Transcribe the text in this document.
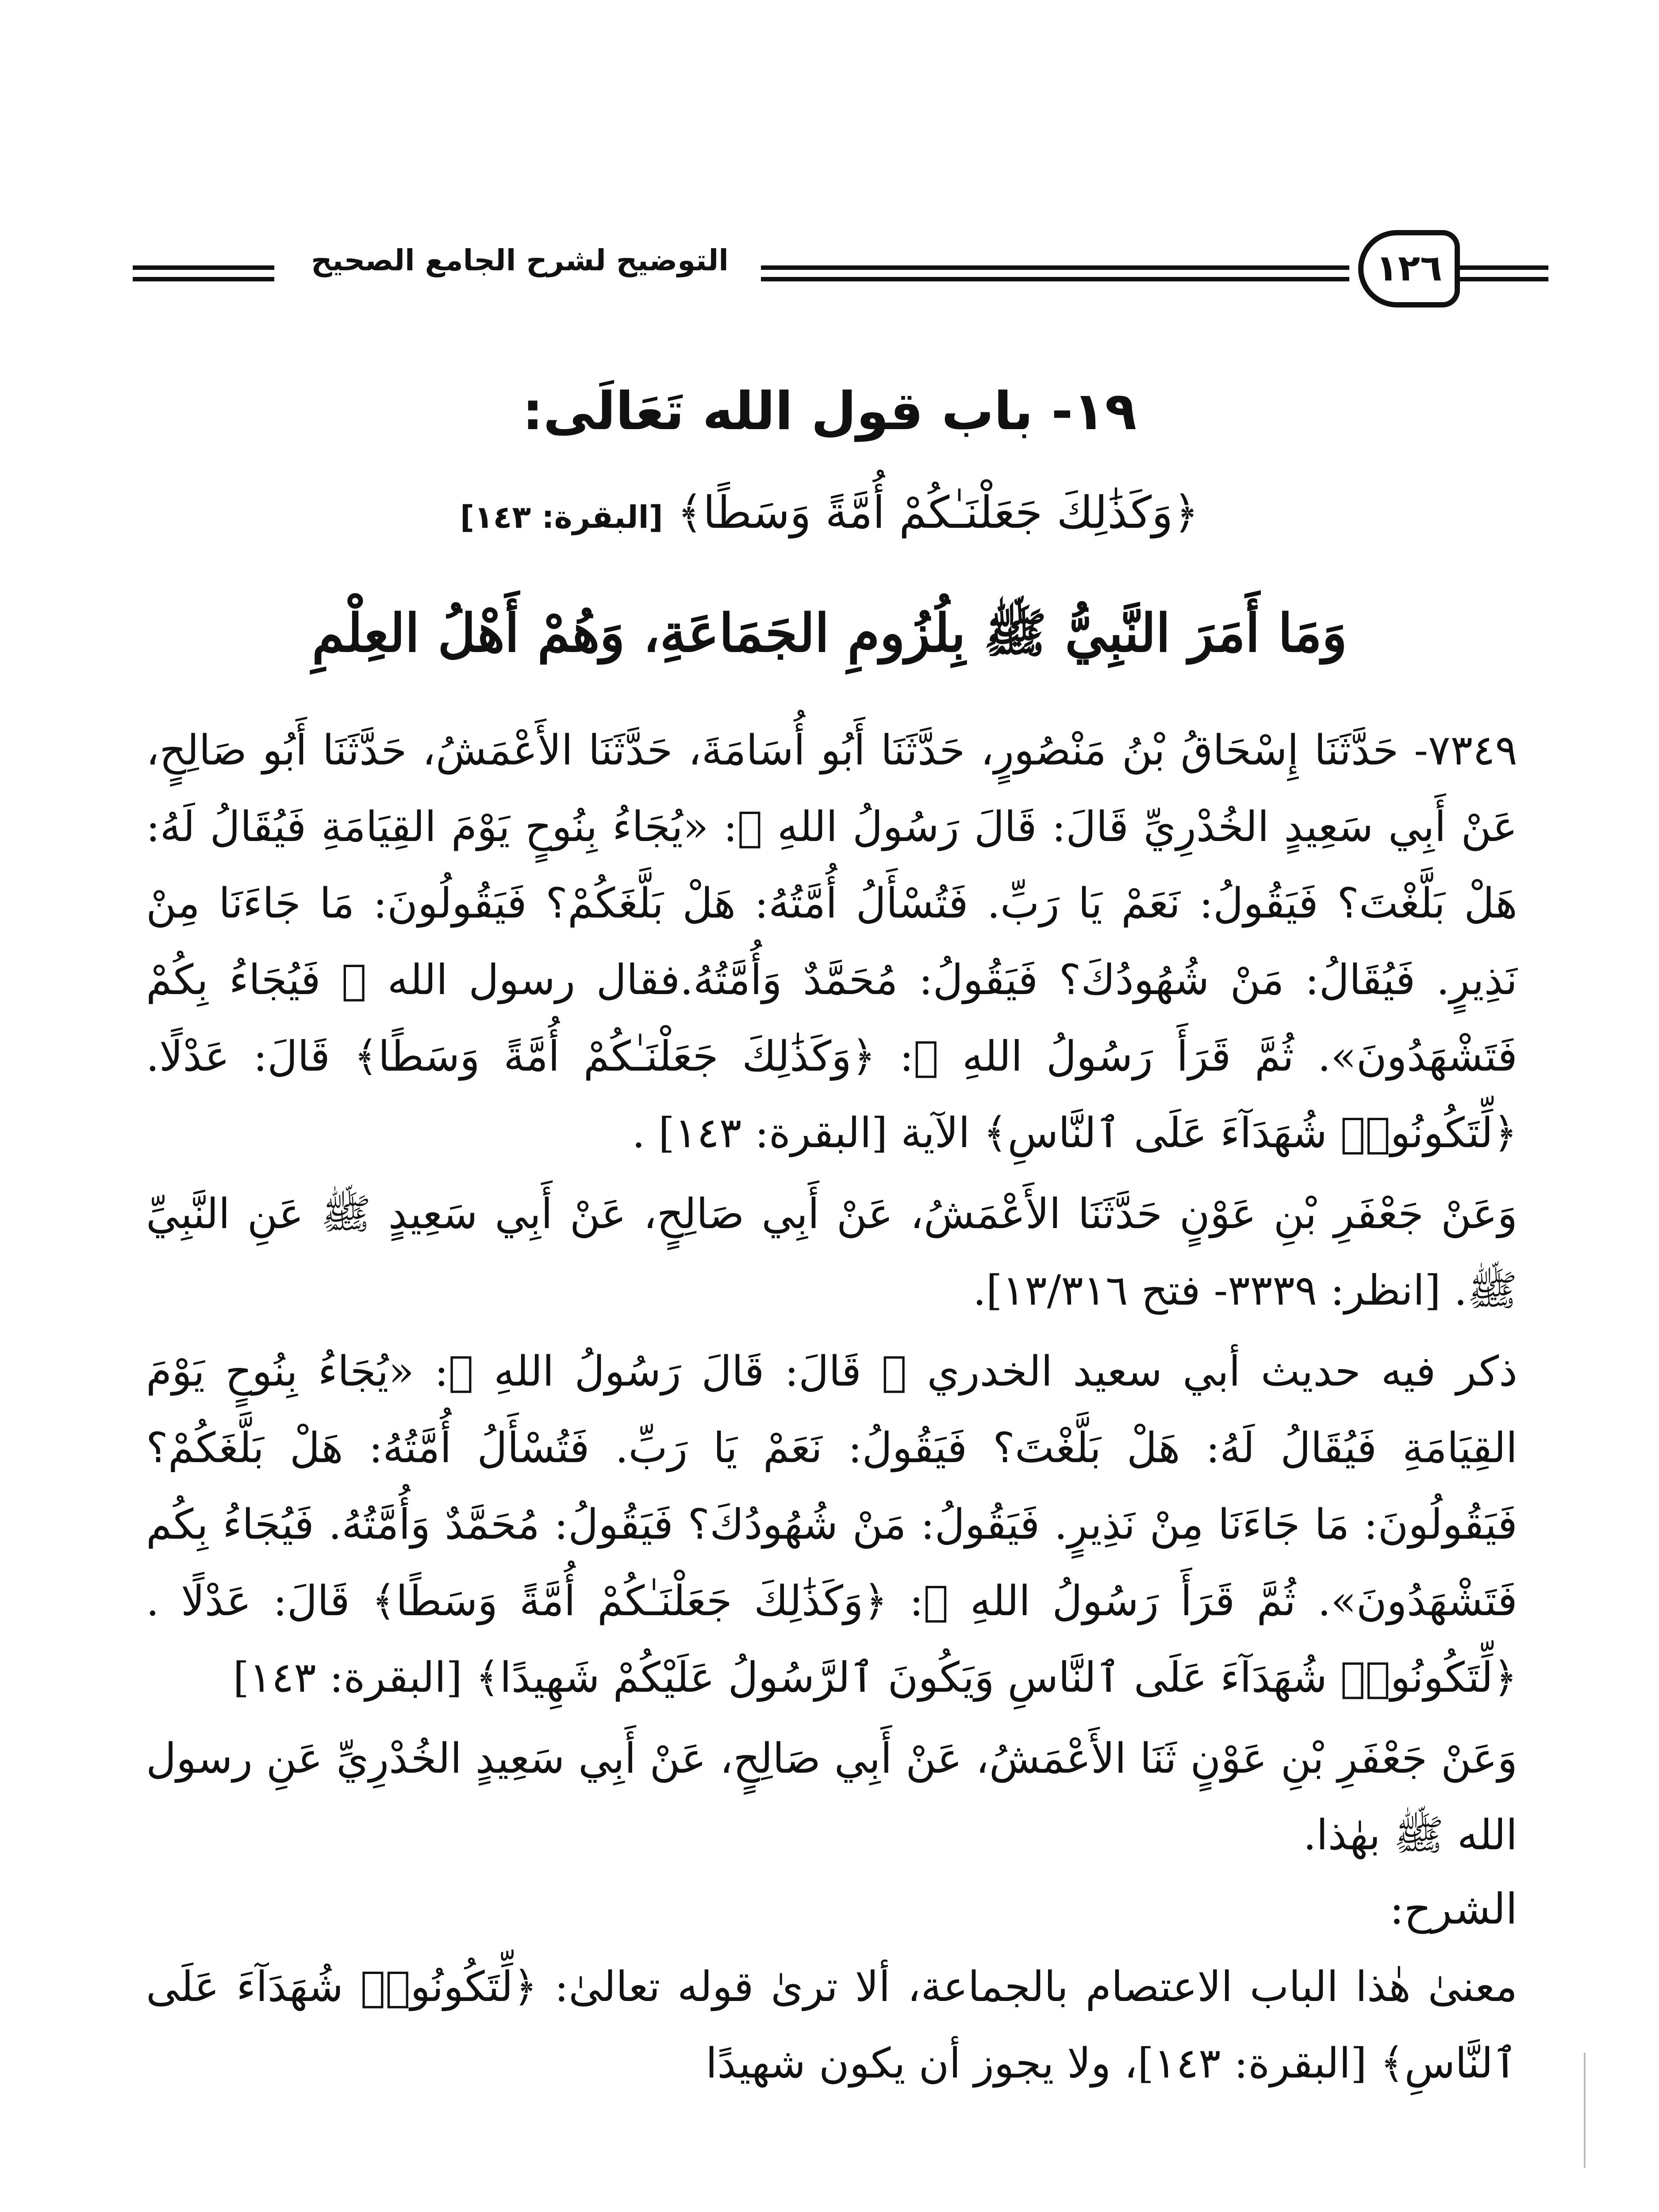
التوضيح لشرح الجامع الصحيح	١٢٦
١٩- باب قول الله تَعَالَى:
﴿وَكَذَٰلِكَ جَعَلْنَـٰكُمْ أُمَّةً وَسَطًا﴾ [البقرة: ١٤٣]
وَمَا أَمَرَ النَّبِيُّ ﷺ بِلُزُومِ الجَمَاعَةِ، وَهُمْ أَهْلُ العِلْمِ

٧٣٤٩- حَدَّثَنَا إِسْحَاقُ بْنُ مَنْصُورٍ، حَدَّثَنَا أَبُو أُسَامَةَ، حَدَّثَنَا الأَعْمَشُ، حَدَّثَنَا أَبُو صَالِحٍ، عَنْ أَبِي سَعِيدٍ الخُدْرِيِّ قَالَ: قَالَ رَسُولُ اللهِ ﷺ: «يُجَاءُ بِنُوحٍ يَوْمَ القِيَامَةِ فَيُقَالُ لَهُ: هَلْ بَلَّغْتَ؟ فَيَقُولُ: نَعَمْ يَا رَبِّ. فَتُسْأَلُ أُمَّتُهُ: هَلْ بَلَّغَكُمْ؟ فَيَقُولُونَ: مَا جَاءَنَا مِنْ نَذِيرٍ. فَيُقَالُ: مَنْ شُهُودُكَ؟ فَيَقُولُ: مُحَمَّدٌ وَأُمَّتُهُ.فقال رسول الله ﷺ فَيُجَاءُ بِكُمْ فَتَشْهَدُونَ». ثُمَّ قَرَأَ رَسُولُ اللهِ ﷺ: ﴿وَكَذَٰلِكَ جَعَلْنَـٰكُمْ أُمَّةً وَسَطًا﴾ قَالَ: عَدْلًا. ﴿لِّتَكُونُوا۟ شُهَدَآءَ عَلَى ٱلنَّاسِ﴾ الآية [البقرة: ١٤٣] .

وَعَنْ جَعْفَرِ بْنِ عَوْنٍ حَدَّثَنَا الأَعْمَشُ، عَنْ أَبِي صَالِحٍ، عَنْ أَبِي سَعِيدٍ ﷺ عَنِ النَّبِيِّ ﷺ. [انظر: ٣٣٣٩- فتح ١٣/٣١٦].

ذكر فيه حديث أبي سعيد الخدري ﷺ قَالَ: قَالَ رَسُولُ اللهِ ﷺ: «يُجَاءُ بِنُوحٍ يَوْمَ القِيَامَةِ فَيُقَالُ لَهُ: هَلْ بَلَّغْتَ؟ فَيَقُولُ: نَعَمْ يَا رَبِّ. فَتُسْأَلُ أُمَّتُهُ: هَلْ بَلَّغَكُمْ؟ فَيَقُولُونَ: مَا جَاءَنَا مِنْ نَذِيرٍ. فَيَقُولُ: مَنْ شُهُودُكَ؟ فَيَقُولُ: مُحَمَّدٌ وَأُمَّتُهُ. فَيُجَاءُ بِكُم فَتَشْهَدُونَ». ثُمَّ قَرَأَ رَسُولُ اللهِ ﷺ: ﴿وَكَذَٰلِكَ جَعَلْنَـٰكُمْ أُمَّةً وَسَطًا﴾ قَالَ: عَدْلًا .﴿لِّتَكُونُوا۟ شُهَدَآءَ عَلَى ٱلنَّاسِ وَيَكُونَ ٱلرَّسُولُ عَلَيْكُمْ شَهِيدًا﴾ [البقرة: ١٤٣]

وَعَنْ جَعْفَرِ بْنِ عَوْنٍ ثَنَا الأَعْمَشُ، عَنْ أَبِي صَالِحٍ، عَنْ أَبِي سَعِيدٍ الخُدْرِيِّ عَنِ رسول الله ﷺ بهٰذا.

الشرح:

معنىٰ هٰذا الباب الاعتصام بالجماعة، ألا ترىٰ قوله تعالىٰ: ﴿لِّتَكُونُوا۟ شُهَدَآءَ عَلَى ٱلنَّاسِ﴾ [البقرة: ١٤٣]، ولا يجوز أن يكون شهيدًا
